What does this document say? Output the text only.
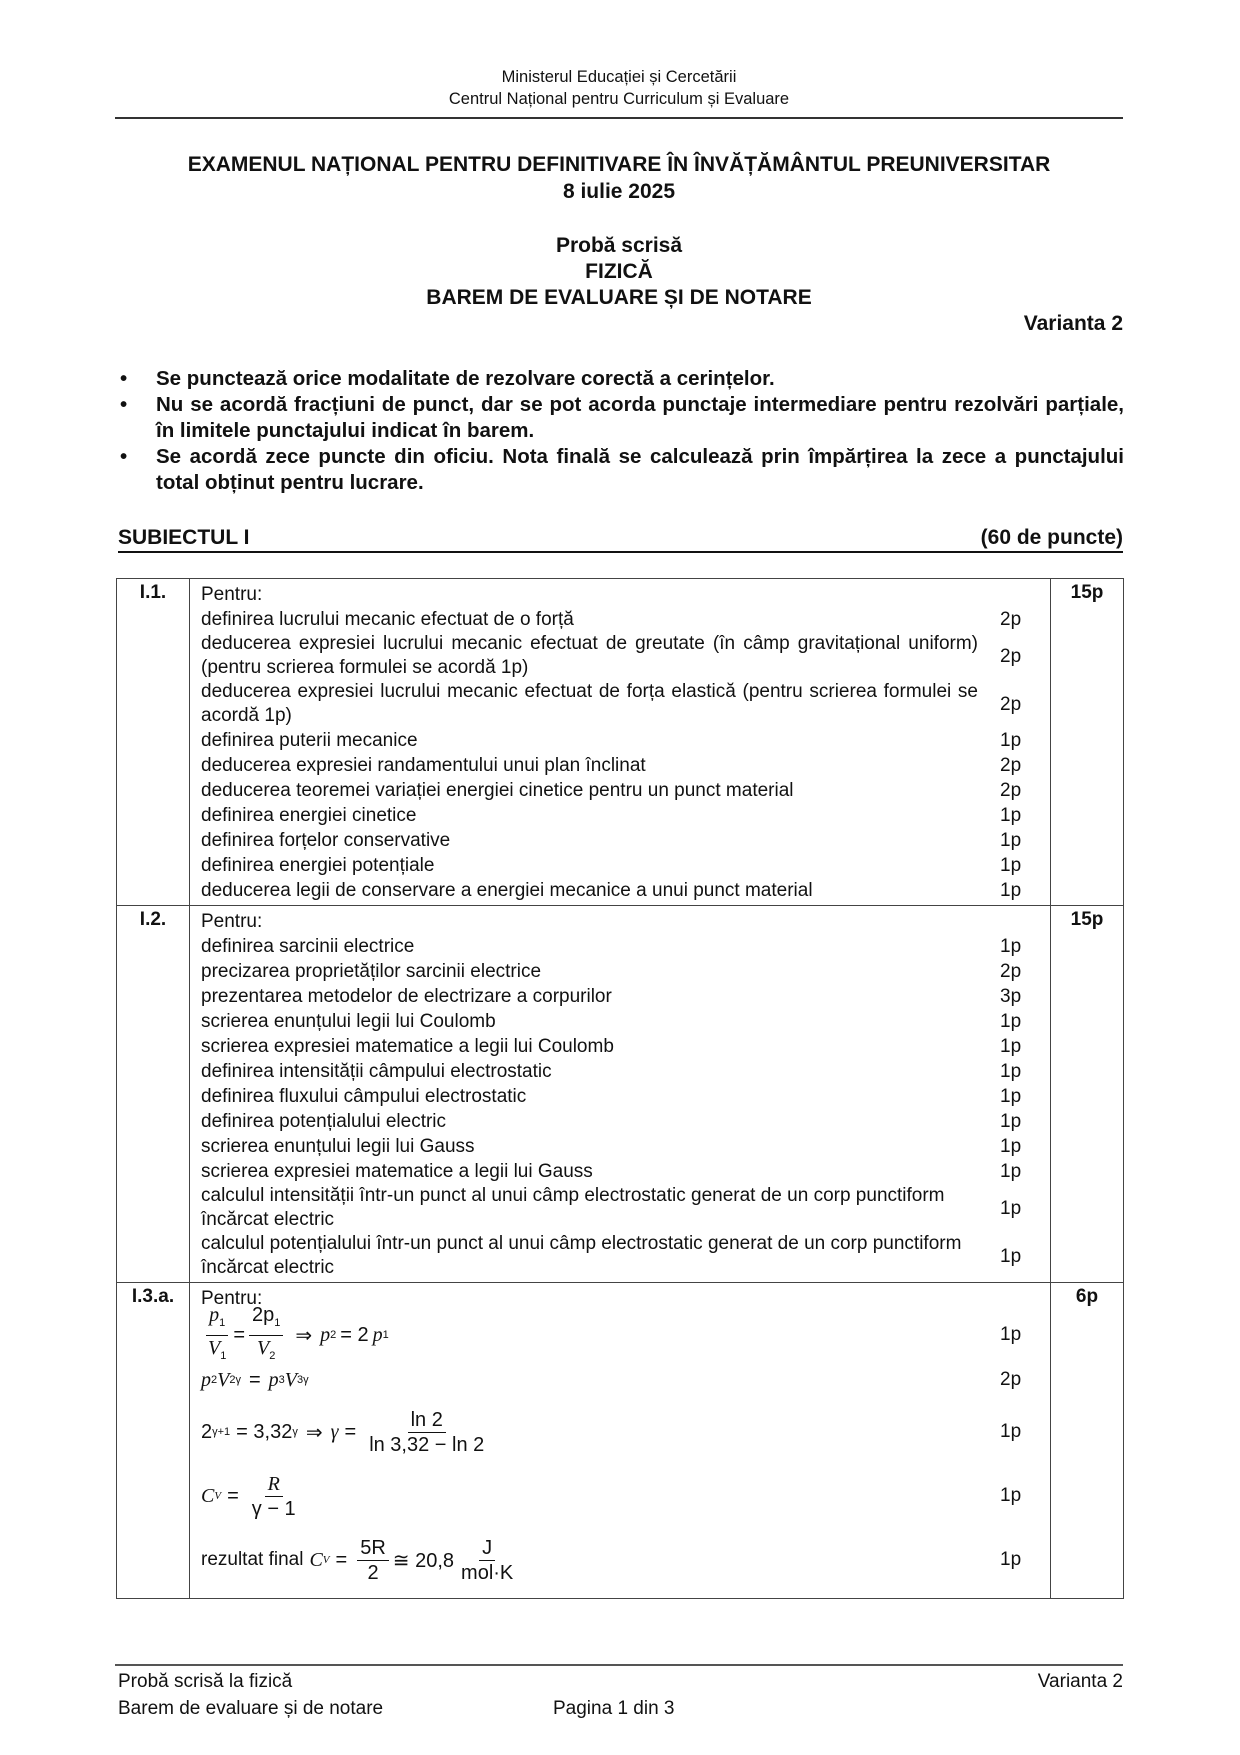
Ministerul Educației și Cercetării
Centrul Național pentru Curriculum și Evaluare
EXAMENUL NAȚIONAL PENTRU DEFINITIVARE ÎN ÎNVĂȚĂMÂNTUL PREUNIVERSITAR
8 iulie 2025
Probă scrisă
FIZICĂ
BAREM DE EVALUARE ȘI DE NOTARE
Varianta 2

• Se punctează orice modalitate de rezolvare corectă a cerințelor.

• Nu se acordă fracțiuni de punct, dar se pot acorda punctaje intermediare pentru rezolvări parțiale, în limitele punctajului indicat în barem.

• Se acordă zece puncte din oficiu. Nota finală se calculează prin împărțirea la zece a punctajului total obținut pentru lucrare.

SUBIECTUL I	(60 de puncte)
I.1.	Pentru:
definirea lucrului mecanic efectuat de o forță	2p
deducerea expresiei lucrului mecanic efectuat de greutate (în câmp gravitațional uniform) (pentru scrierea formulei se acordă 1p)
2p
deducerea expresiei lucrului mecanic efectuat de forța elastică (pentru scrierea formulei se acordă 1p)
2p
definirea puterii mecanice	1p
deducerea expresiei randamentului unui plan înclinat	2p
deducerea teoremei variației energiei cinetice pentru un punct material	2p
definirea energiei cinetice	1p
definirea forțelor conservative	1p
definirea energiei potențiale	1p
deducerea legii de conservare a energiei mecanice a unui punct material	1p
	15p
I.2.	Pentru:
definirea sarcinii electrice	1p
precizarea proprietăților sarcinii electrice	2p
prezentarea metodelor de electrizare a corpurilor	3p
scrierea enunțului legii lui Coulomb	1p
scrierea expresiei matematice a legii lui Coulomb	1p
definirea intensității câmpului electrostatic	1p
definirea fluxului câmpului electrostatic	1p
definirea potențialului electric	1p
scrierea enunțului legii lui Gauss	1p
scrierea expresiei matematice a legii lui Gauss	1p
calculul intensității într-un punct al unui câmp electrostatic generat de un corp punctiform încărcat electric
1p
calculul potențialului într-un punct al unui câmp electrostatic generat de un corp punctiform încărcat electric
1p
	15p
I.3.a.	Pentru:
$\frac{p_1}{V_1} = \frac{2p_1}{V_2}$ ⇒ p 2 = 2 p 1	1p
p 2 V 2 γ = p 3 V 3 γ	2p
2 γ+1 = 3,32 γ ⇒ $\gamma = \frac{\ln 2}{\ln 3,32 - \ln 2}$	1p
C $V = \frac{R}{\gamma - 1}$	1p
rezultat final C $V = \frac{5R}{2}$ ≅ $20,8 \frac{J}{\text{mol·K}}$	1p
	6p
Probă scrisă la fizică
Barem de evaluare și de notare	Pagina 1 din 3
Varianta 2
